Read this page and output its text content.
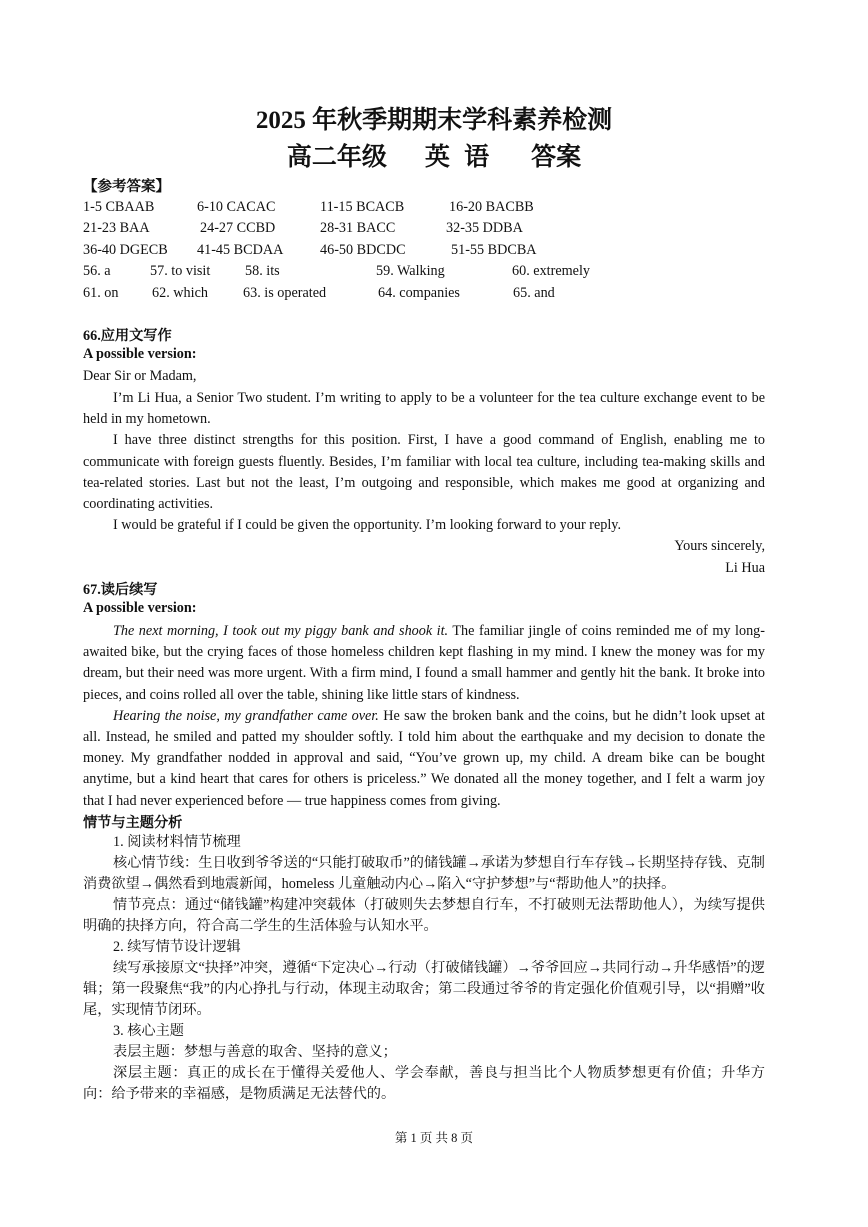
2025 年秋季期期末学科素养检测
高二年级 英 语 答案
【参考答案】
1-5 CBAAB	6-10 CACAC	11-15 BCACB	16-20 BACBB
21-23 BAA	24-27 CCBD	28-31 BACC	32-35 DDBA
36-40 DGECB 41-45 BCDAA	46-50 BDCDC	51-55 BDCBA
56. a	57. to visit 58. its	59. Walking	60. extremely
61. on 62. which 63. is operated	64. companies	65. and
66.应用文写作
A possible version:
Dear Sir or Madam,

I’m Li Hua, a Senior Two student. I’m writing to apply to be a volunteer for the tea culture exchange event to be held in my hometown.

I have three distinct strengths for this position. First, I have a good command of English, enabling me to communicate with foreign guests fluently. Besides, I’m familiar with local tea culture, including tea-making skills and tea-related stories. Last but not the least, I’m outgoing and responsible, which makes me good at organizing and coordinating activities.

I would be grateful if I could be given the opportunity. I’m looking forward to your reply.

Yours sincerely,

Li Hua

67.读后续写
A possible version:

The next morning, I took out my piggy bank and shook it. The familiar jingle of coins reminded me of my long-awaited bike, but the crying faces of those homeless children kept flashing in my mind. I knew the money was for my dream, but their need was more urgent. With a firm mind, I found a small hammer and gently hit the bank. It broke into pieces, and coins rolled all over the table, shining like little stars of kindness.

Hearing the noise, my grandfather came over. He saw the broken bank and the coins, but he didn’t look upset at all. Instead, he smiled and patted my shoulder softly. I told him about the earthquake and my decision to donate the money. My grandfather nodded in approval and said, “You’ve grown up, my child. A dream bike can be bought anytime, but a kind heart that cares for others is priceless.” We donated all the money together, and I felt a warm joy that I had never experienced before — true happiness comes from giving.

情节与主题分析

1. 阅读材料情节梳理

核心情节线：生日收到爷爷送的“只能打破取币”的储钱罐→承诺为梦想自行车存钱→长期坚持存钱、克制消费欲望→偶然看到地震新闻，homeless 儿童触动内心→陷入“守护梦想”与“帮助他人”的抉择。

情节亮点：通过“储钱罐”构建冲突载体（打破则失去梦想自行车，不打破则无法帮助他人），为续写提供明确的抉择方向，符合高二学生的生活体验与认知水平。

2. 续写情节设计逻辑

续写承接原文“抉择”冲突，遵循“下定决心→行动（打破储钱罐）→爷爷回应→共同行动→升华感悟”的逻辑；第一段聚焦“我”的内心挣扎与行动，体现主动取舍；第二段通过爷爷的肯定强化价值观引导，以“捐赠”收尾，实现情节闭环。

3. 核心主题

表层主题：梦想与善意的取舍、坚持的意义；

深层主题：真正的成长在于懂得关爱他人、学会奉献，善良与担当比个人物质梦想更有价值；升华方向：给予带来的幸福感，是物质满足无法替代的。

第 1 页 共 8 页
